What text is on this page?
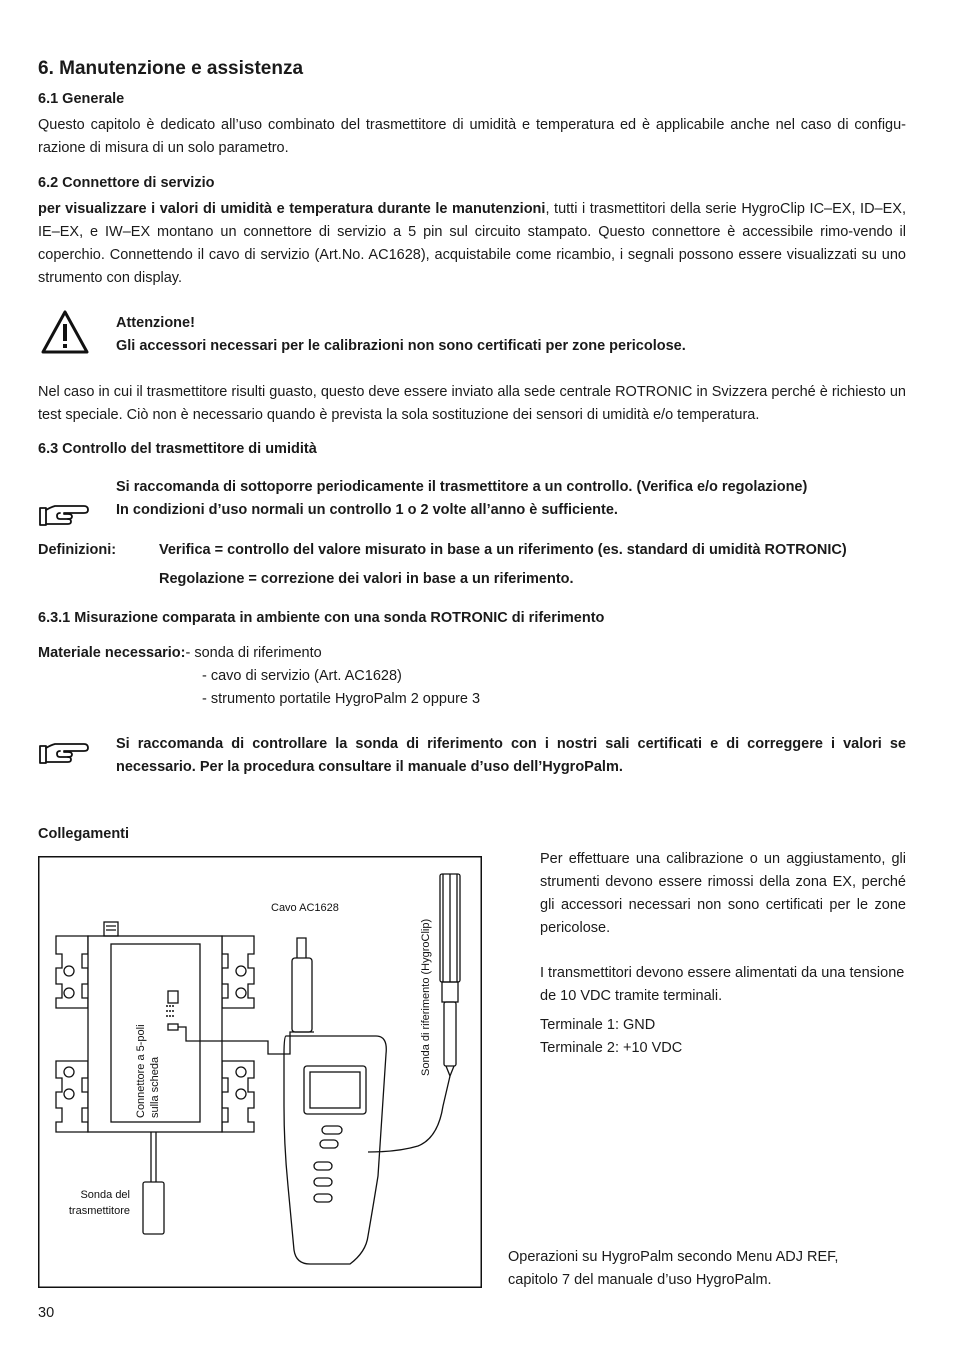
6. Manutenzione e assistenza
6.1 Generale
Questo capitolo è dedicato all’uso combinato del trasmettitore di umidità e temperatura ed è applicabile anche nel caso di configu-razione di misura di un solo parametro.
6.2 Connettore di servizio
per visualizzare i valori di umidità e temperatura durante le manutenzioni, tutti i trasmettitori della serie HygroClip IC–EX, ID–EX, IE–EX, e IW–EX montano un connettore di servizio a 5 pin sul circuito stampato. Questo connettore è accessibile rimo-vendo il coperchio. Connettendo il cavo di servizio (Art.No. AC1628), acquistabile come ricambio, i segnali possono essere visualizzati su uno strumento con display.
Attenzione!
Gli accessori necessari per le calibrazioni non sono certificati per zone pericolose.
Nel caso in cui il trasmettitore risulti guasto, questo deve essere inviato alla sede centrale ROTRONIC in Svizzera perché è richiesto un test speciale. Ciò non è necessario quando è prevista la sola sostituzione dei sensori di umidità e/o temperatura.
6.3 Controllo del trasmettitore di umidità
Si raccomanda di sottoporre periodicamente il trasmettitore a un controllo. (Verifica e/o regolazione)
In condizioni d’uso normali un controllo 1 o 2 volte all’anno è sufficiente.
Definizioni:	Verifica = controllo del valore misurato in base a un riferimento (es. standard di umidità ROTRONIC)
Regolazione = correzione dei valori in base a un riferimento.
6.3.1 Misurazione comparata in ambiente con una sonda ROTRONIC di riferimento
Materiale necessario:- sonda di riferimento
- cavo di servizio (Art. AC1628)
- strumento portatile HygroPalm 2 oppure 3
Si raccomanda di controllare la sonda di riferimento con i nostri sali certificati e di correggere i valori se necessario. Per la procedura consultare il manuale d’uso dell’HygroPalm.
Collegamenti
Cavo AC1628
Sonda di riferimento (HygroClip)
Connettore a 5-poli sulla scheda
Sonda del
trasmettitore
Per effettuare una calibrazione o un aggiustamento, gli strumenti devono essere rimossi della zona EX, perché gli accessori necessari non sono certificati per le zone pericolose.
I transmettitori devono essere alimentati da una tensione de 10 VDC tramite terminali.
Terminale 1: GND
Terminale 2: +10 VDC
Operazioni su HygroPalm secondo Menu ADJ REF,
capitolo 7 del manuale d’uso HygroPalm.
30
